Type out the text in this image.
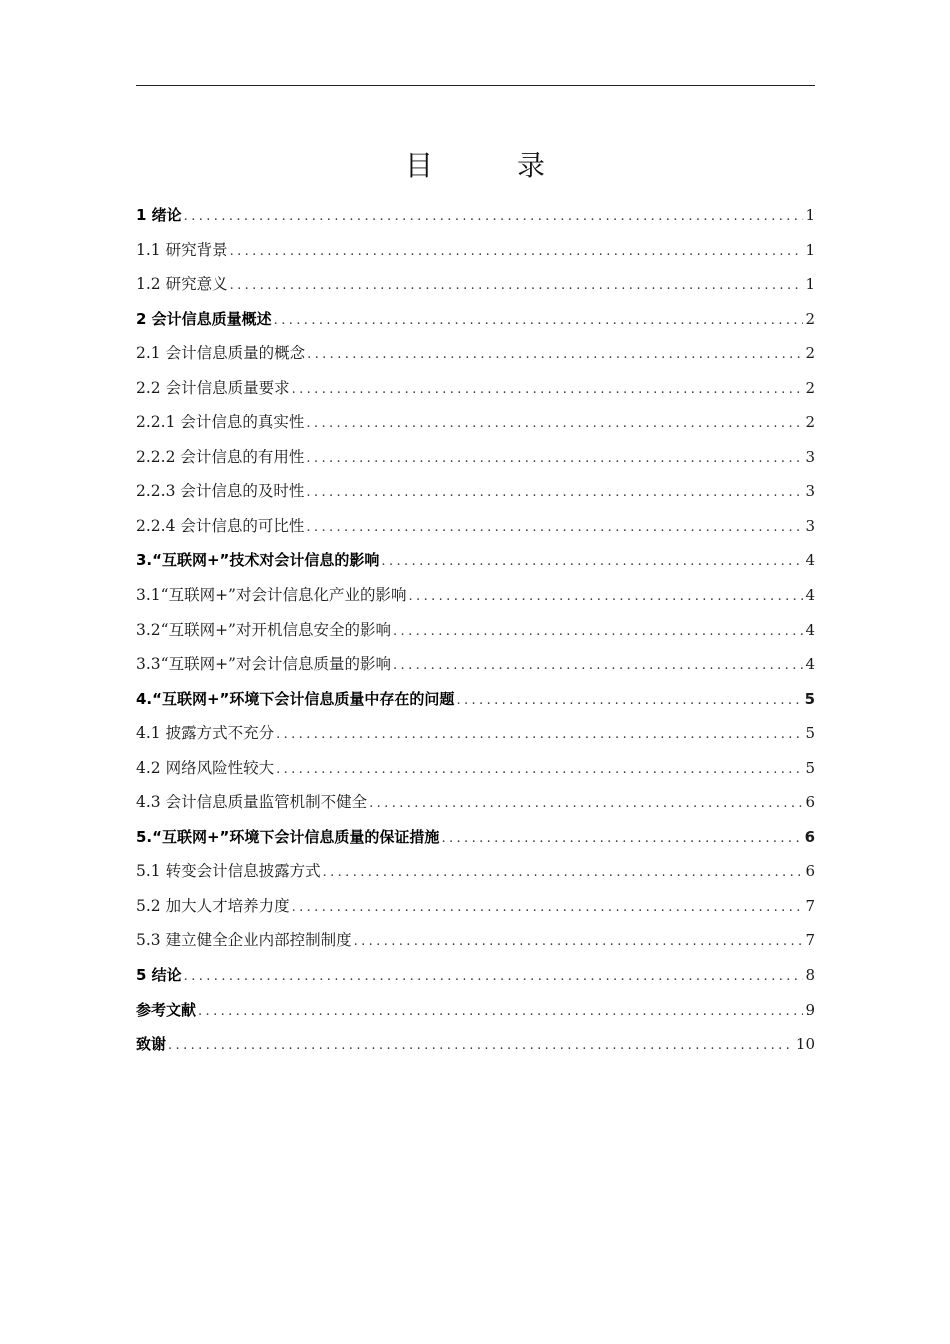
目　录
1 绪论 .....	1
1.1 研究背景 .....	1
1.2 研究意义 .....	1
2 会计信息质量概述 .....	2
2.1 会计信息质量的概念 .....	2
2.2 会计信息质量要求 .....	2
2.2.1 会计信息的真实性 .....	2
2.2.2 会计信息的有用性 .....	3
2.2.3 会计信息的及时性 .....	3
2.2.4 会计信息的可比性 .....	3
3.“互联网+”技术对会计信息的影响 .....	4
3.1“互联网+”对会计信息化产业的影响 .....	4
3.2“互联网+”对开机信息安全的影响 .....	4
3.3“互联网+”对会计信息质量的影响 .....	4
4.“互联网+”环境下会计信息质量中存在的问题 .....	5
4.1 披露方式不充分 .....	5
4.2 网络风险性较大 .....	5
4.3 会计信息质量监管机制不健全 .....	6
5.“互联网+”环境下会计信息质量的保证措施 .....	6
5.1 转变会计信息披露方式 .....	6
5.2 加大人才培养力度 .....	7
5.3 建立健全企业内部控制制度 .....	7
5 结论 .....	8
参考文献 .....	9
致谢 .....	10
